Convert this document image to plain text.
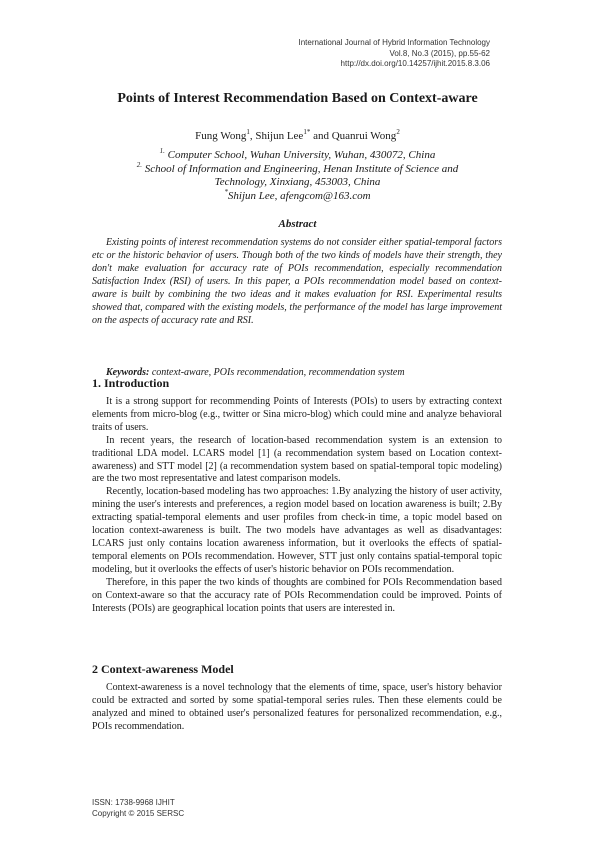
International Journal of Hybrid Information Technology
Vol.8, No.3 (2015), pp.55-62
http://dx.doi.org/10.14257/ijhit.2015.8.3.06
Points of Interest Recommendation Based on Context-aware
Fung Wong$^1$, Shijun Lee$^{1*}$ and Quanrui Wong$^2$
$^{1.}$ Computer School, Wuhan University, Wuhan, 430072, China
$^{2.}$ School of Information and Engineering, Henan Institute of Science and Technology, Xinxiang, 453003, China
*Shijun Lee, afengcom@163.com
Abstract
Existing points of interest recommendation systems do not consider either spatial-temporal factors etc or the historic behavior of users. Though both of the two kinds of models have their strength, they don't make evaluation for accuracy rate of POIs recommendation, especially recommendation Satisfaction Index (RSI) of users. In this paper, a POIs recommendation model based on context-aware is built by combining the two ideas and it makes evaluation for RSI. Experimental results showed that, compared with the existing models, the performance of the model has large improvement on the aspects of accuracy rate and RSI.
Keywords: context-aware, POIs recommendation, recommendation system
1. Introduction

It is a strong support for recommending Points of Interests (POIs) to users by extracting context elements from micro-blog (e.g., twitter or Sina micro-blog) which could mine and analyze behavioral traits of users.

In recent years, the research of location-based recommendation system is an extension to traditional LDA model. LCARS model [1] (a recommendation system based on Location context-awareness) and STT model [2] (a recommendation system based on spatial-temporal topic modeling) are the two most representative and latest comparison models.

Recently, location-based modeling has two approaches: 1.By analyzing the history of user activity, mining the user's interests and preferences, a region model based on location awareness is built; 2.By extracting spatial-temporal elements and user profiles from check-in time, a topic model based on location context-awareness is built. The two models have advantages as well as disadvantages: LCARS just only contains location awareness information, but it overlooks the effects of spatial-temporal elements on POIs recommendation. However, STT just only contains spatial-temporal topic modeling, but it overlooks the effects of user's historic behavior on POIs recommendation.

Therefore, in this paper the two kinds of thoughts are combined for POIs Recommendation based on Context-aware so that the accuracy rate of POIs Recommendation could be improved. Points of Interests (POIs) are geographical location points that users are interested in.

2 Context-awareness Model

Context-awareness is a novel technology that the elements of time, space, user's history behavior could be extracted and sorted by some spatial-temporal series rules. Then these elements could be analyzed and mined to obtained user's personalized features for personalized recommendation, e.g., POIs recommendation.

ISSN: 1738-9968 IJHIT
Copyright © 2015 SERSC
